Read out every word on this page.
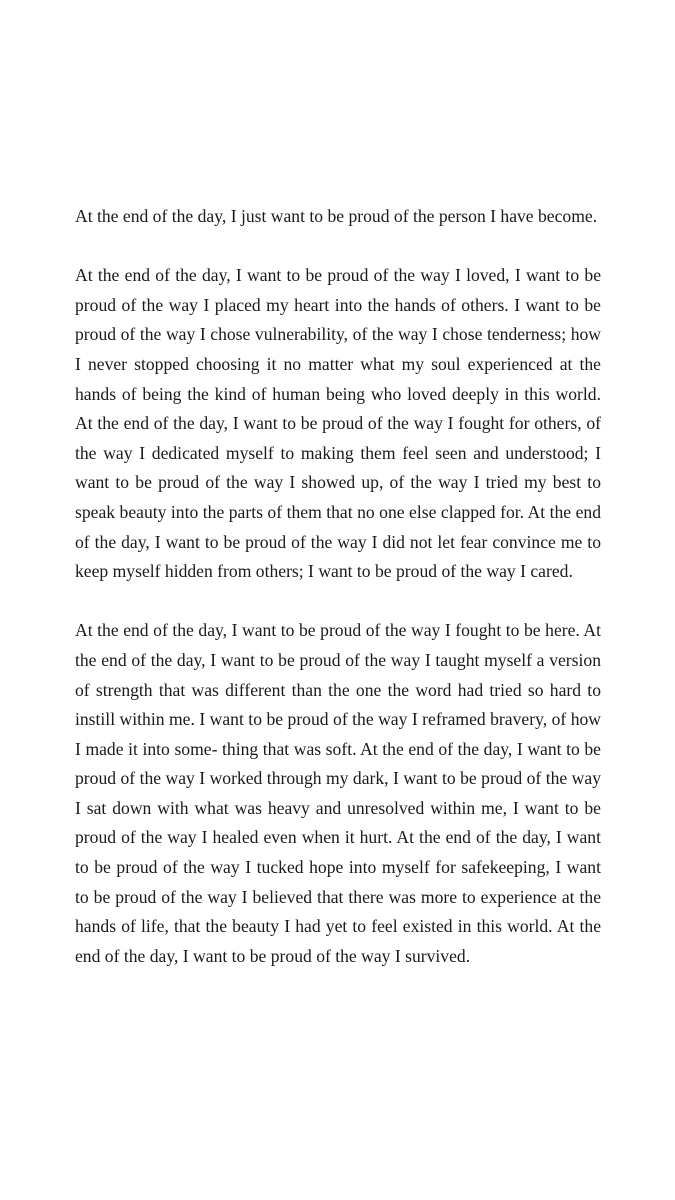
At the end of the day, I just want to be proud of the person I have become.

At the end of the day, I want to be proud of the way I loved, I want to be proud of the way I placed my heart into the hands of others. I want to be proud of the way I chose vulnerability, of the way I chose tenderness; how I never stopped choosing it no matter what my soul experienced at the hands of being the kind of human being who loved deeply in this world. At the end of the day, I want to be proud of the way I fought for others, of the way I dedicated myself to making them feel seen and understood; I want to be proud of the way I showed up, of the way I tried my best to speak beauty into the parts of them that no one else clapped for. At the end of the day, I want to be proud of the way I did not let fear convince me to keep myself hidden from others; I want to be proud of the way I cared.

At the end of the day, I want to be proud of the way I fought to be here. At the end of the day, I want to be proud of the way I taught myself a version of strength that was different than the one the word had tried so hard to instill within me. I want to be proud of the way I reframed bravery, of how I made it into some- thing that was soft. At the end of the day, I want to be proud of the way I worked through my dark, I want to be proud of the way I sat down with what was heavy and unresolved within me, I want to be proud of the way I healed even when it hurt. At the end of the day, I want to be proud of the way I tucked hope into myself for safekeeping, I want to be proud of the way I believed that there was more to experience at the hands of life, that the beauty I had yet to feel existed in this world. At the end of the day, I want to be proud of the way I survived.
